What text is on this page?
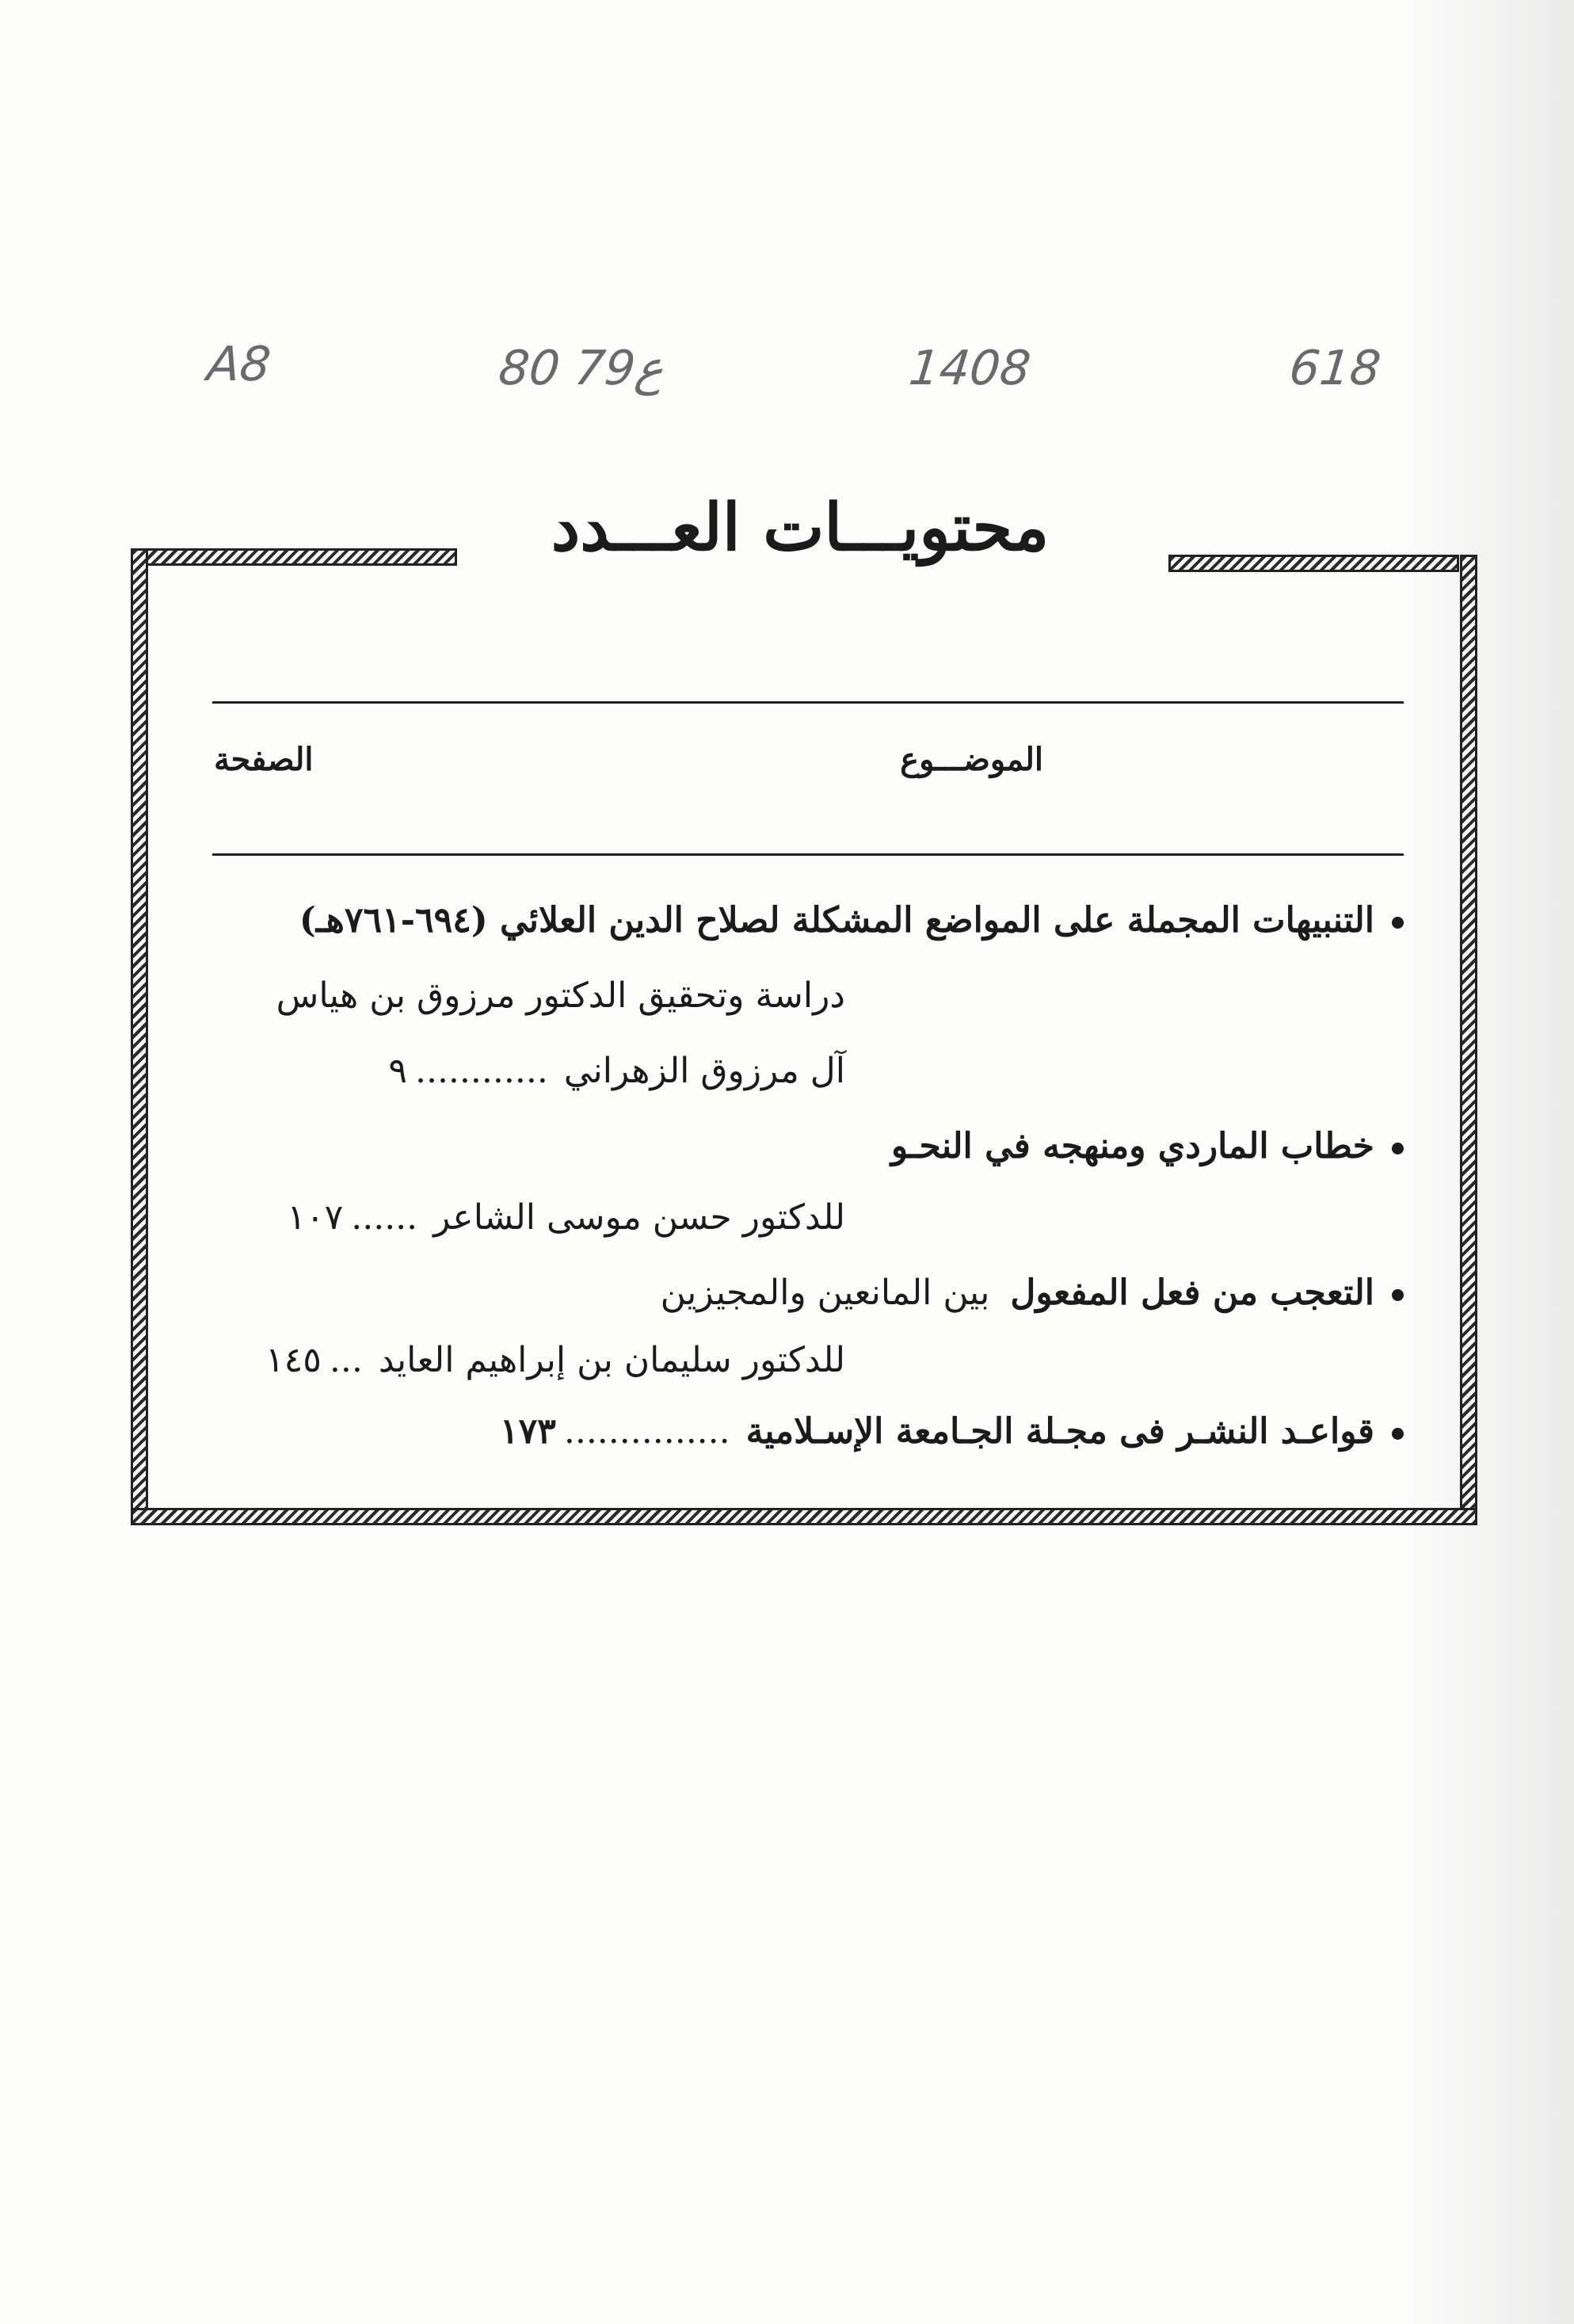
A8	ع79 80	1408	618
محتويـــات العـــدد
الموضـــوع
الصفحة
التنبيهات المجملة على المواضع المشكلة لصلاح الدين العلائي (٦٩٤-٧٦١هـ)
دراسة وتحقيق الدكتور مرزوق بن هياس
آل مرزوق الزهراني............٩
خطاب الماردي ومنهجه في النحـو
للدكتور حسن موسى الشاعر......١٠٧
التعجب من فعل المفعولبين المانعين والمجيزين
للدكتور سليمان بن إبراهيم العايد...١٤٥
قواعـد النشـر فى مجـلة الجـامعة الإسـلامية...............١٧٣
